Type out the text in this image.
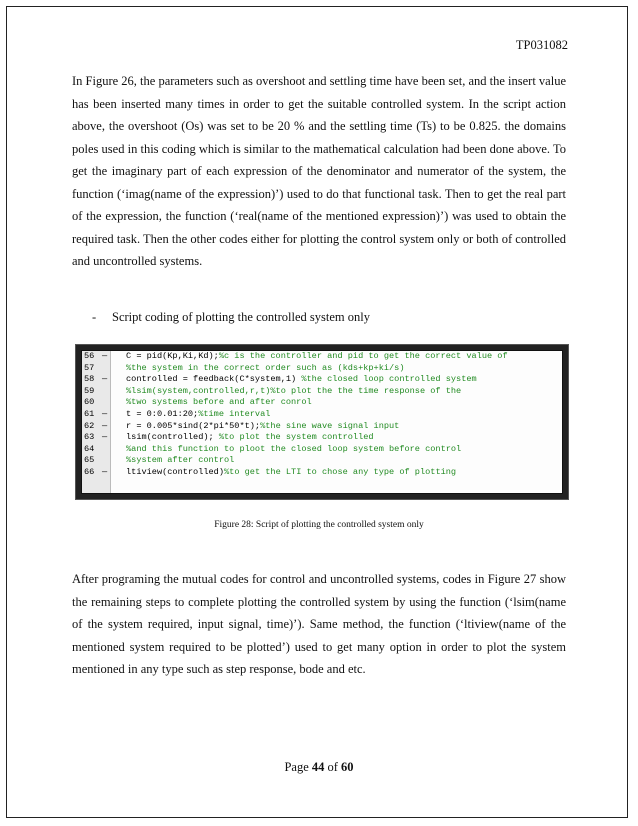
TP031082

In Figure 26, the parameters such as overshoot and settling time have been set, and the insert value has been inserted many times in order to get the suitable controlled system. In the script action above, the overshoot (Os) was set to be 20 % and the settling time (Ts) to be 0.825. the domains poles used in this coding which is similar to the mathematical calculation had been done above. To get the imaginary part of each expression of the denominator and numerator of the system, the function (‘imag(name of the expression)’) used to do that functional task. Then to get the real part of the expression, the function (‘real(name of the mentioned expression)’) was used to obtain the required task. Then the other codes either for plotting the control system only or both of controlled and uncontrolled systems.

- Script coding of plotting the controlled system only
56 —	C = pid(Kp,Ki,Kd);%c is the controller and pid to get the correct value of
57	%the system in the correct order such as (kds+kp+ki/s)
58 —	controlled = feedback(C*system,1) %the closed loop controlled system
59	%lsim(system,controlled,r,t)%to plot the the time response of the
60	%two systems before and after conrol
61 —	t = 0:0.01:20;%time interval
62 —	r = 0.005*sind(2*pi*50*t);%the sine wave signal input
63 —	lsim(controlled); %to plot the system controlled
64	%and this function to ploot the closed loop system before control
65	%system after control
66 —	ltiview(controlled)%to get the LTI to chose any type of plotting
Figure 28: Script of plotting the controlled system only

After programing the mutual codes for control and uncontrolled systems, codes in Figure 27 show the remaining steps to complete plotting the controlled system by using the function (‘lsim(name of the system required, input signal, time)’). Same method, the function (‘ltiview(name of the mentioned system required to be plotted’) used to get many option in order to plot the system mentioned in any type such as step response, bode and etc.

Page 44 of 60
